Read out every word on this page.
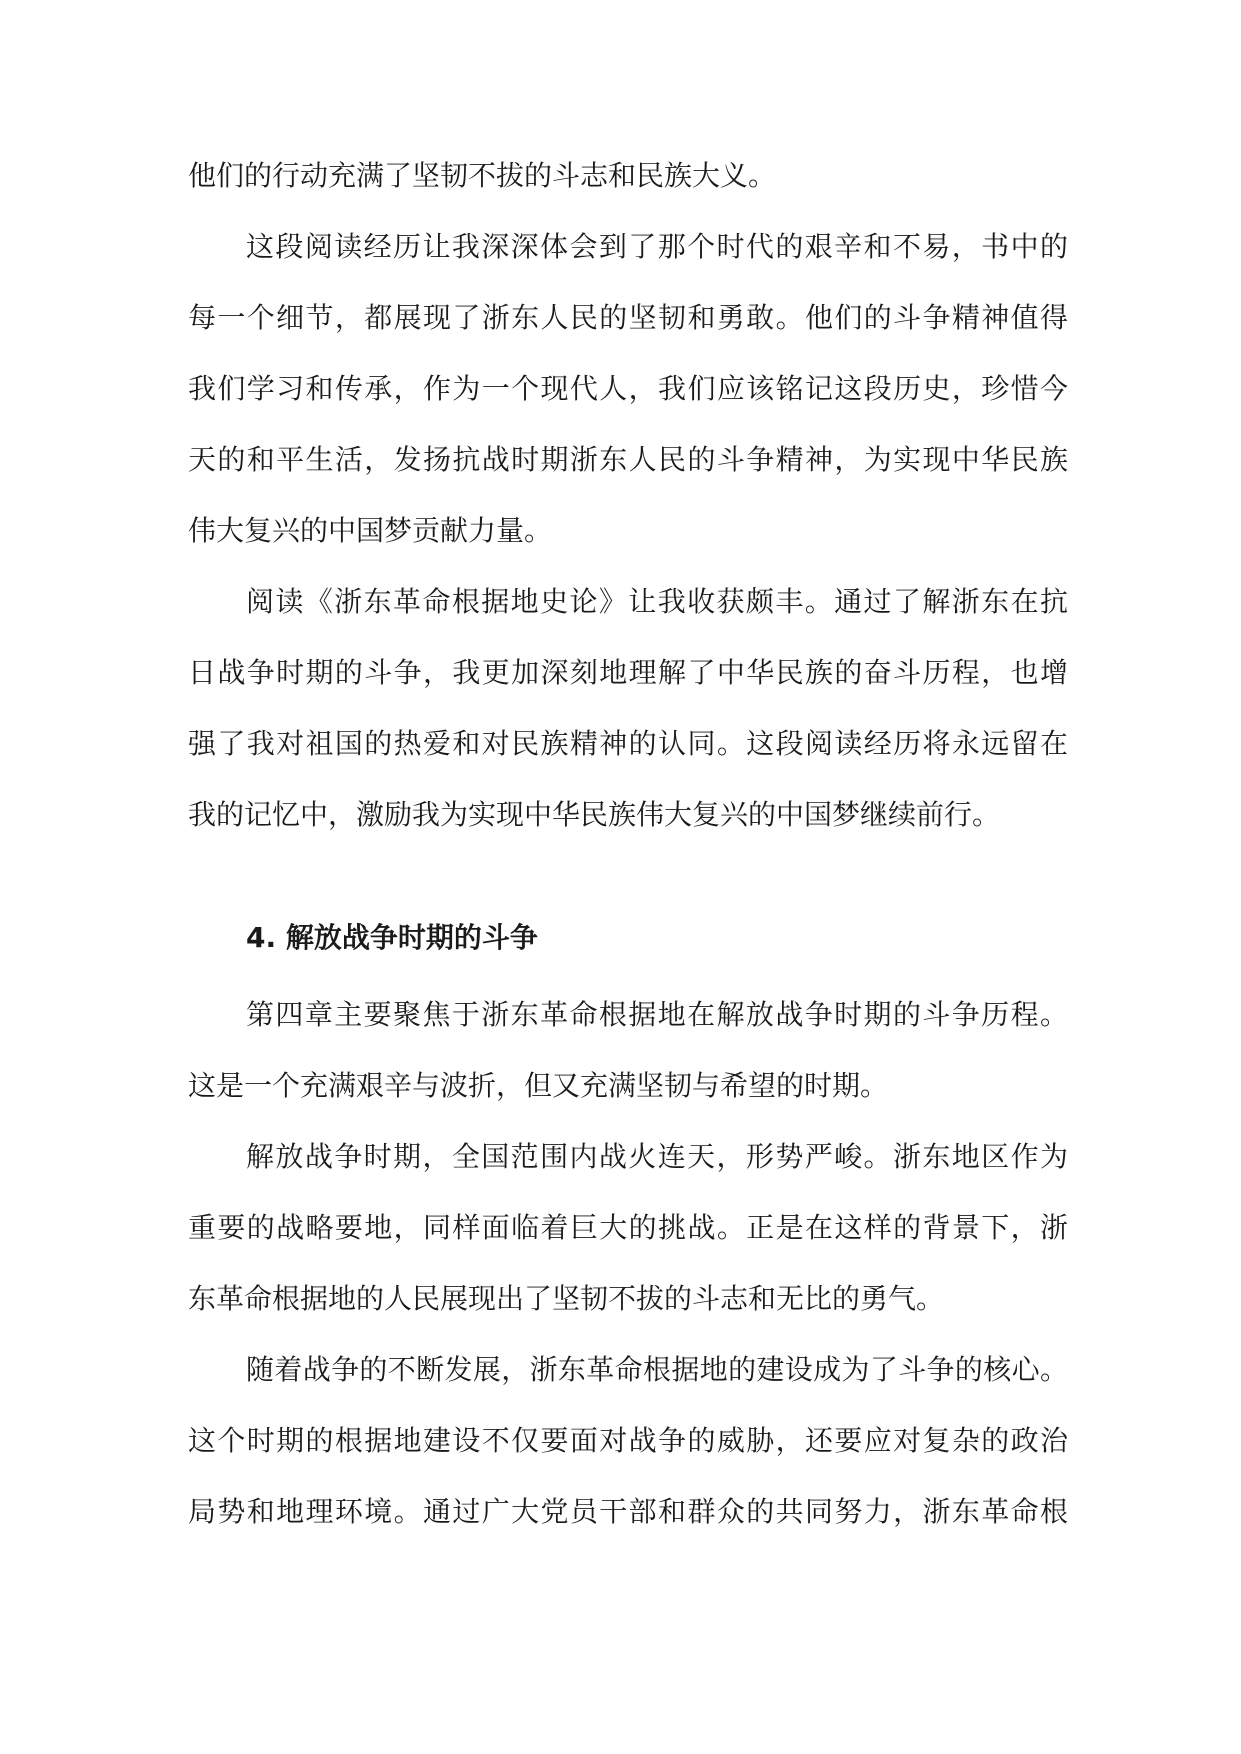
他们的行动充满了坚韧不拔的斗志和民族大义。
这段阅读经历让我深深体会到了那个时代的艰辛和不易，书中的
每一个细节，都展现了浙东人民的坚韧和勇敢。他们的斗争精神值得
我们学习和传承，作为一个现代人，我们应该铭记这段历史，珍惜今
天的和平生活，发扬抗战时期浙东人民的斗争精神，为实现中华民族
伟大复兴的中国梦贡献力量。
阅读《浙东革命根据地史论》让我收获颇丰。通过了解浙东在抗
日战争时期的斗争，我更加深刻地理解了中华民族的奋斗历程，也增
强了我对祖国的热爱和对民族精神的认同。这段阅读经历将永远留在
我的记忆中，激励我为实现中华民族伟大复兴的中国梦继续前行。
4. 解放战争时期的斗争
第四章主要聚焦于浙东革命根据地在解放战争时期的斗争历程。
这是一个充满艰辛与波折，但又充满坚韧与希望的时期。
解放战争时期，全国范围内战火连天，形势严峻。浙东地区作为
重要的战略要地，同样面临着巨大的挑战。正是在这样的背景下，浙
东革命根据地的人民展现出了坚韧不拔的斗志和无比的勇气。
随着战争的不断发展，浙东革命根据地的建设成为了斗争的核心。
这个时期的根据地建设不仅要面对战争的威胁，还要应对复杂的政治
局势和地理环境。通过广大党员干部和群众的共同努力，浙东革命根
